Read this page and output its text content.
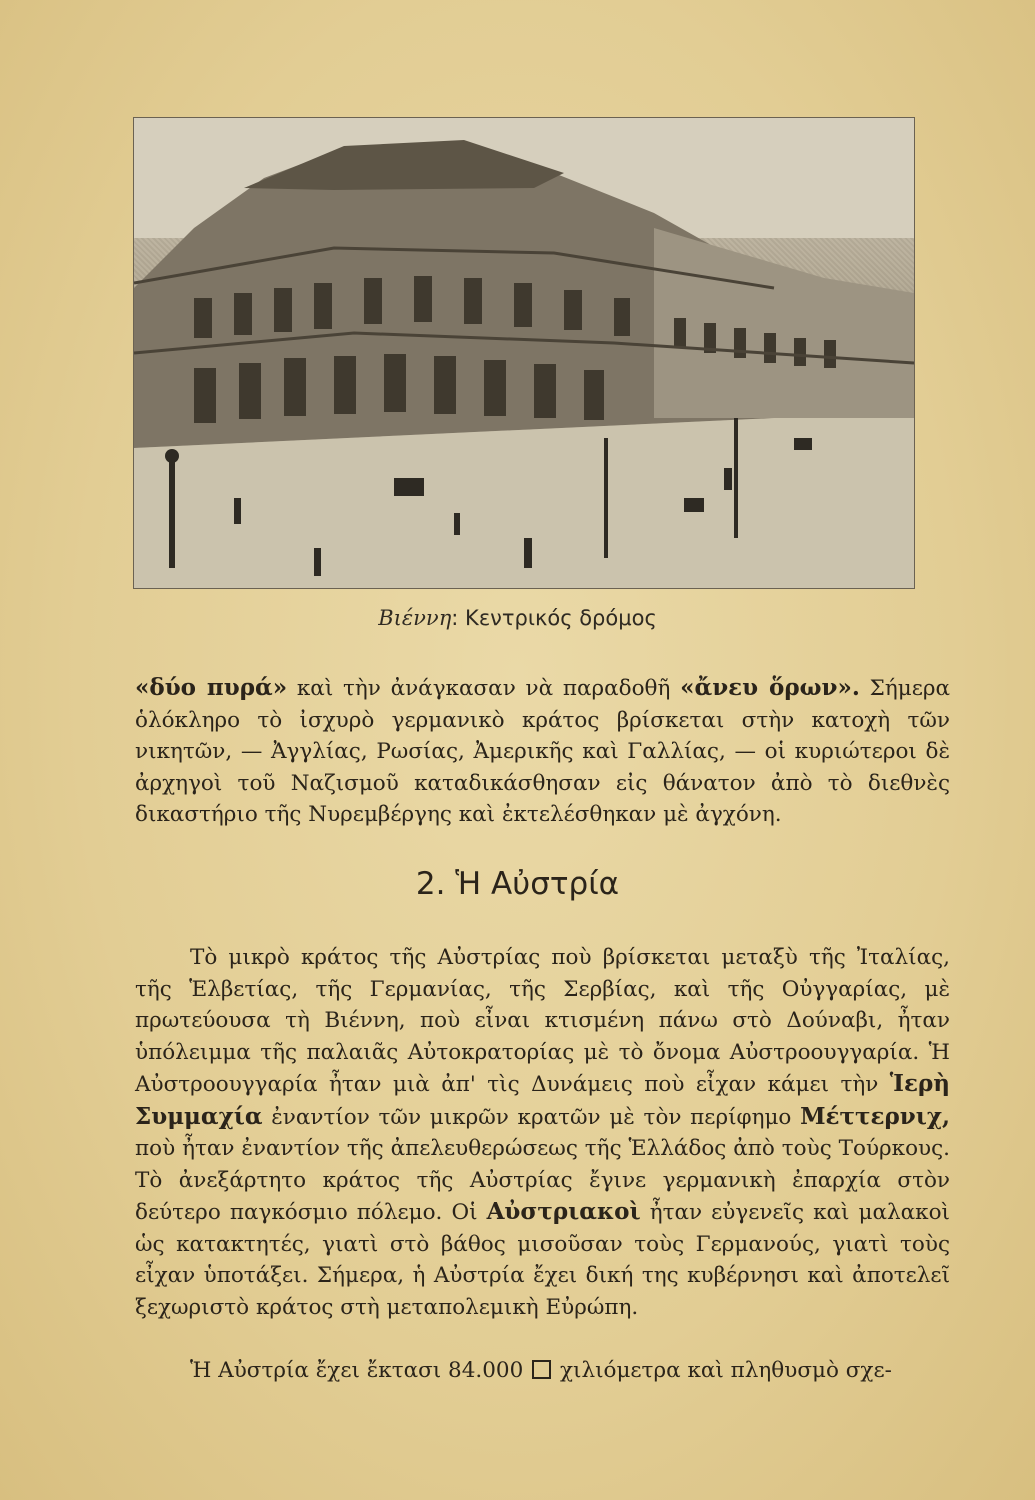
Βιέννη: Κεντρικός δρόμος

«δύο πυρά» καὶ τὴν ἀνάγκασαν νὰ παραδοθῆ «ἄνευ ὅρων». Σήμερα ὁλόκληρο τὸ ἰσχυρὸ γερμανικὸ κράτος βρίσκεται στὴν κατοχὴ τῶν νικητῶν, — Ἀγγλίας, Ρωσίας, Ἀμερικῆς καὶ Γαλλίας, — οἱ κυριώτεροι δὲ ἀρχηγοὶ τοῦ Ναζισμοῦ καταδικάσθησαν εἰς θάνατον ἀπὸ τὸ διεθνὲς δικαστήριο τῆς Νυρεμβέργης καὶ ἐκτελέσθηκαν μὲ ἀγχόνη.

2. Ἡ Αὐστρία

Τὸ μικρὸ κράτος τῆς Αὐστρίας ποὺ βρίσκεται μεταξὺ τῆς Ἰταλίας, τῆς Ἑλβετίας, τῆς Γερμανίας, τῆς Σερβίας, καὶ τῆς Οὐγγαρίας, μὲ πρωτεύουσα τὴ Βιέννη, ποὺ εἶναι κτισμένη πάνω στὸ Δούναβι, ἦταν ὑπόλειμμα τῆς παλαιᾶς Αὐτοκρατορίας μὲ τὸ ὄνομα Αὐστροουγγαρία. Ἡ Αὐστροουγγαρία ἦταν μιὰ ἀπ' τὶς Δυνάμεις ποὺ εἶχαν κάμει τὴν Ἱερὴ Συμμαχία ἐναντίον τῶν μικρῶν κρατῶν μὲ τὸν περίφημο Μέττερνιχ, ποὺ ἦταν ἐναντίον τῆς ἀπελευθερώσεως τῆς Ἑλλάδος ἀπὸ τοὺς Τούρκους. Τὸ ἀνεξάρτητο κράτος τῆς Αὐστρίας ἔγινε γερμανικὴ ἐπαρχία στὸν δεύτερο παγκόσμιο πόλεμο. Οἱ Αὐστριακοὶ ἦταν εὐγενεῖς καὶ μαλακοὶ ὡς κατακτητές, γιατὶ στὸ βάθος μισοῦσαν τοὺς Γερμανούς, γιατὶ τοὺς εἶχαν ὑποτάξει. Σήμερα, ἡ Αὐστρία ἔχει δική της κυβέρνησι καὶ ἀποτελεῖ ξεχωριστὸ κράτος στὴ μεταπολεμικὴ Εὐρώπη.

Ἡ Αὐστρία ἔχει ἔκτασι 84.000 χιλιόμετρα καὶ πληθυσμὸ σχε-
